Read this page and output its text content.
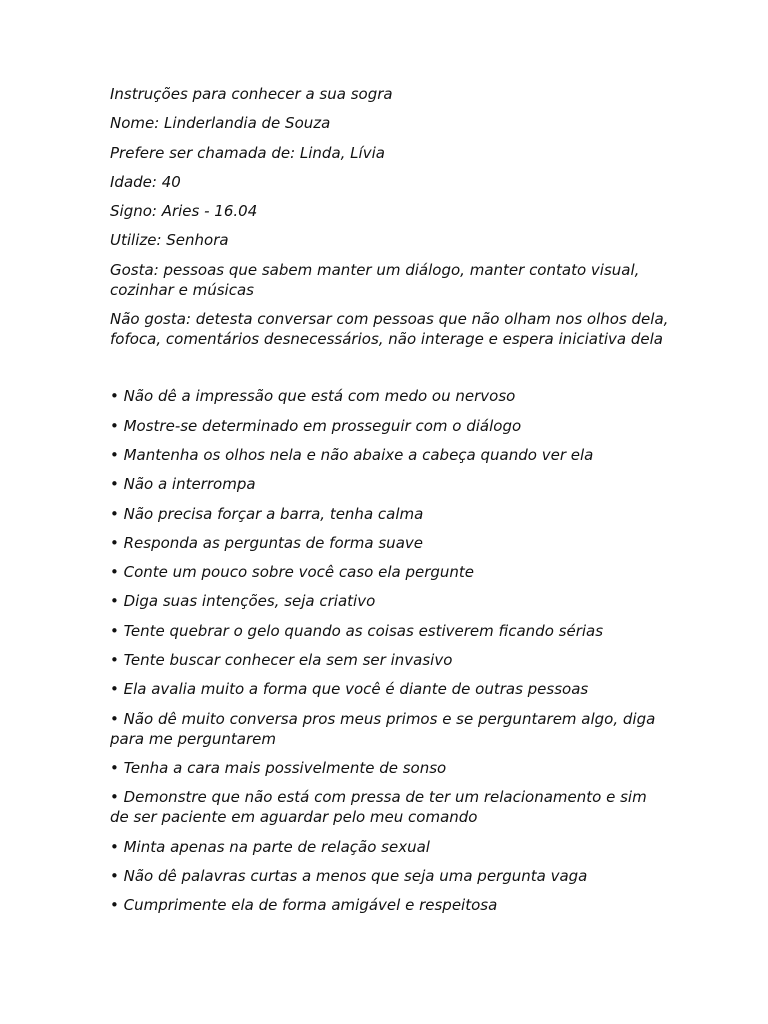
Instruções para conhecer a sua sogra

Nome: Linderlandia de Souza

Prefere ser chamada de: Linda, Lívia

Idade: 40

Signo: Aries - 16.04

Utilize: Senhora

Gosta: pessoas que sabem manter um diálogo, manter contato visual, cozinhar e músicas

Não gosta: detesta conversar com pessoas que não olham nos olhos dela, fofoca, comentários desnecessários, não interage e espera iniciativa dela

• Não dê a impressão que está com medo ou nervoso

• Mostre-se determinado em prosseguir com o diálogo

• Mantenha os olhos nela e não abaixe a cabeça quando ver ela

• Não a interrompa

• Não precisa forçar a barra, tenha calma

• Responda as perguntas de forma suave

• Conte um pouco sobre você caso ela pergunte

• Diga suas intenções, seja criativo

• Tente quebrar o gelo quando as coisas estiverem ficando sérias

• Tente buscar conhecer ela sem ser invasivo

• Ela avalia muito a forma que você é diante de outras pessoas

• Não dê muito conversa pros meus primos e se perguntarem algo, diga para me perguntarem

• Tenha a cara mais possivelmente de sonso

• Demonstre que não está com pressa de ter um relacionamento e sim de ser paciente em aguardar pelo meu comando

• Minta apenas na parte de relação sexual

• Não dê palavras curtas a menos que seja uma pergunta vaga

• Cumprimente ela de forma amigável e respeitosa
